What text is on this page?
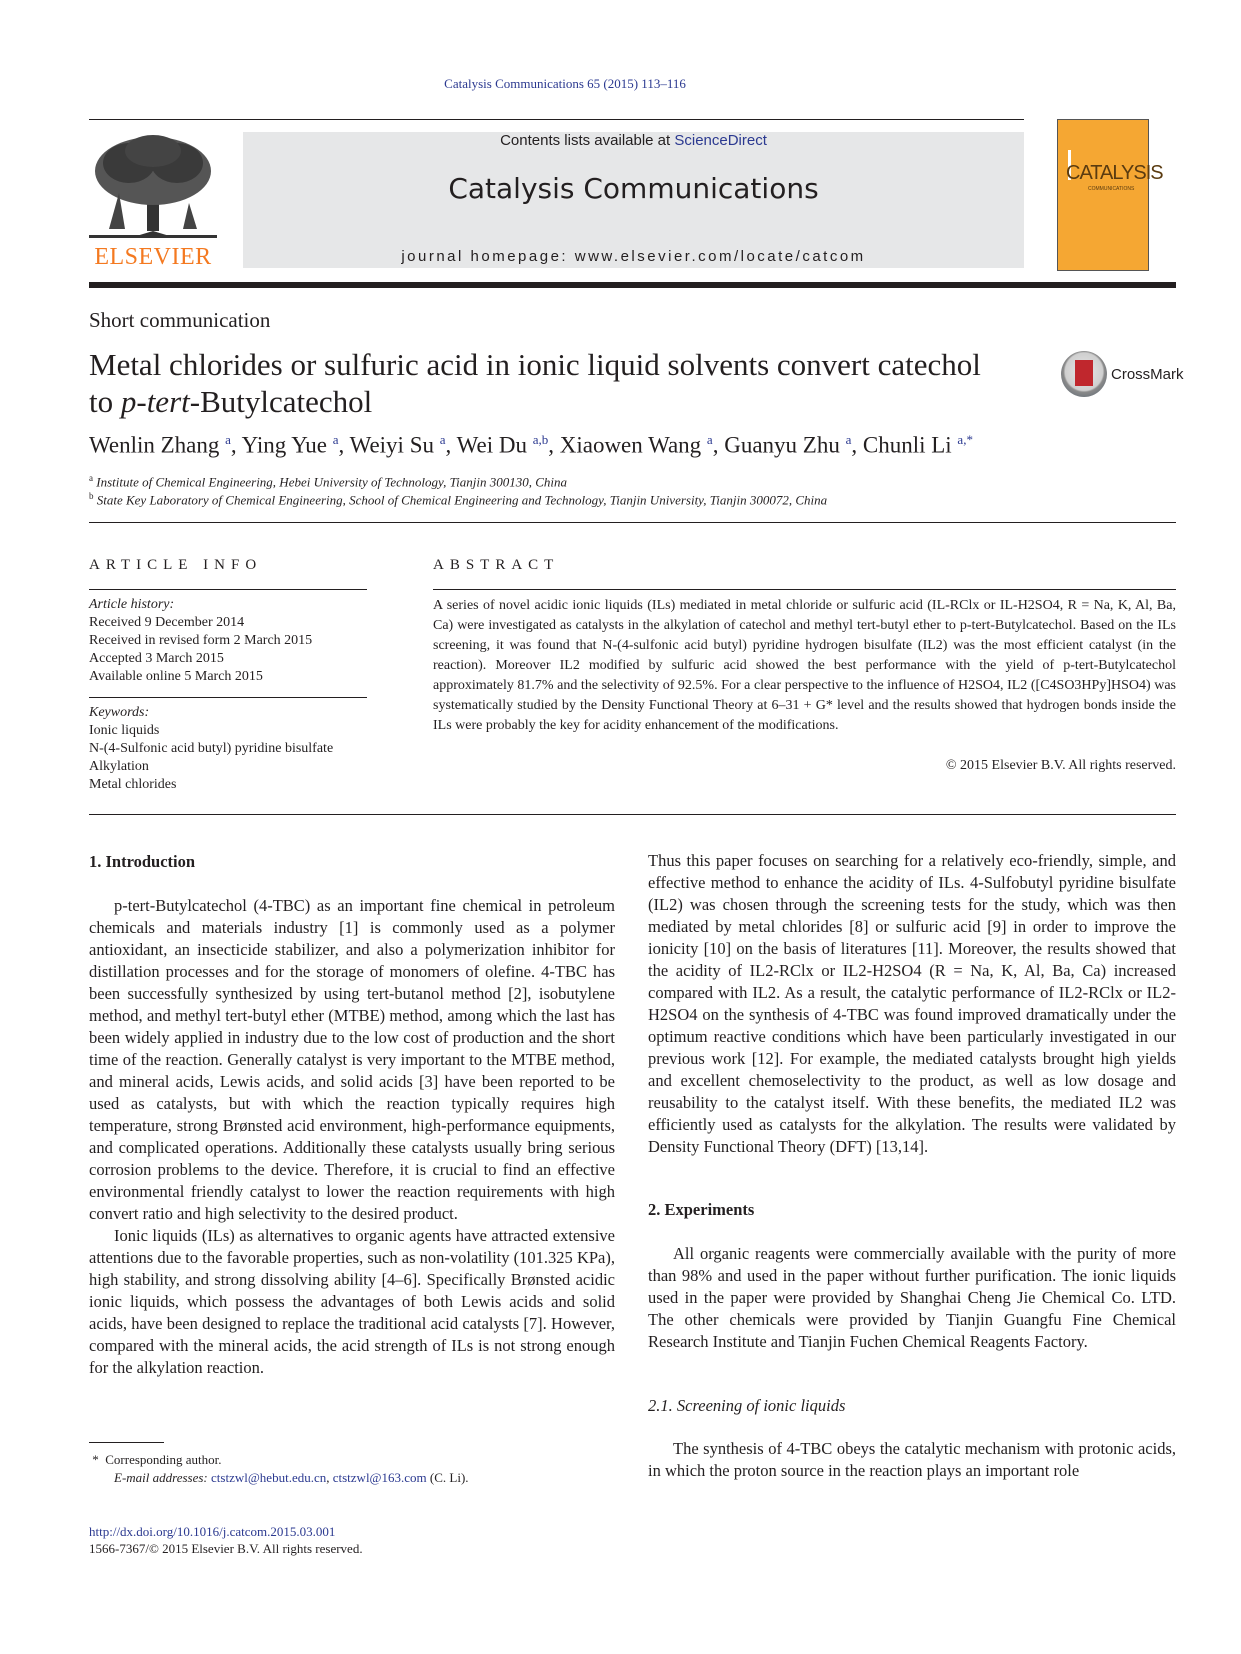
Catalysis Communications 65 (2015) 113–116
ELSEVIER
Contents lists available at ScienceDirect
Catalysis Communications
journal homepage: www.elsevier.com/locate/catcom
CATALYSIS
COMMUNICATIONS
Short communication
Metal chlorides or sulfuric acid in ionic liquid solvents convert catechol
to p-tert-Butylcatechol
CrossMark
Wenlin Zhang $^a$, Ying Yue $^a$, Weiyi Su $^a$, Wei Du $^{a,b}$, Xiaowen Wang $^a$, Guanyu Zhu $^a$, Chunli Li $^{a,*}$
$^a$ Institute of Chemical Engineering, Hebei University of Technology, Tianjin 300130, China
$^b$ State Key Laboratory of Chemical Engineering, School of Chemical Engineering and Technology, Tianjin University, Tianjin 300072, China
ARTICLE INFO
Article history:
Received 9 December 2014
Received in revised form 2 March 2015
Accepted 3 March 2015
Available online 5 March 2015
Keywords:
Ionic liquids
N-(4-Sulfonic acid butyl) pyridine bisulfate
Alkylation
Metal chlorides
ABSTRACT
A series of novel acidic ionic liquids (ILs) mediated in metal chloride or sulfuric acid (IL-RClx or IL-H2SO4, R = Na, K, Al, Ba, Ca) were investigated as catalysts in the alkylation of catechol and methyl tert-butyl ether to p-tert-Butylcatechol. Based on the ILs screening, it was found that N-(4-sulfonic acid butyl) pyridine hydrogen bisulfate (IL2) was the most efficient catalyst (in the reaction). Moreover IL2 modified by sulfuric acid showed the best performance with the yield of p-tert-Butylcatechol approximately 81.7% and the selectivity of 92.5%. For a clear perspective to the influence of H2SO4, IL2 ([C4SO3HPy]HSO4) was systematically studied by the Density Functional Theory at 6–31 + G* level and the results showed that hydrogen bonds inside the ILs were probably the key for acidity enhancement of the modifications.
© 2015 Elsevier B.V. All rights reserved.
1. Introduction

p-tert-Butylcatechol (4-TBC) as an important fine chemical in petroleum chemicals and materials industry [1] is commonly used as a polymer antioxidant, an insecticide stabilizer, and also a polymerization inhibitor for distillation processes and for the storage of monomers of olefine. 4-TBC has been successfully synthesized by using tert-butanol method [2], isobutylene method, and methyl tert-butyl ether (MTBE) method, among which the last has been widely applied in industry due to the low cost of production and the short time of the reaction. Generally catalyst is very important to the MTBE method, and mineral acids, Lewis acids, and solid acids [3] have been reported to be used as catalysts, but with which the reaction typically requires high temperature, strong Brønsted acid environment, high-performance equipments, and complicated operations. Additionally these catalysts usually bring serious corrosion problems to the device. Therefore, it is crucial to find an effective environmental friendly catalyst to lower the reaction requirements with high convert ratio and high selectivity to the desired product.

Ionic liquids (ILs) as alternatives to organic agents have attracted extensive attentions due to the favorable properties, such as non-volatility (101.325 KPa), high stability, and strong dissolving ability [4–6]. Specifically Brønsted acidic ionic liquids, which possess the advantages of both Lewis acids and solid acids, have been designed to replace the traditional acid catalysts [7]. However, compared with the mineral acids, the acid strength of ILs is not strong enough for the alkylation reaction.

Thus this paper focuses on searching for a relatively eco-friendly, simple, and effective method to enhance the acidity of ILs. 4-Sulfobutyl pyridine bisulfate (IL2) was chosen through the screening tests for the study, which was then mediated by metal chlorides [8] or sulfuric acid [9] in order to improve the ionicity [10] on the basis of literatures [11]. Moreover, the results showed that the acidity of IL2-RClx or IL2-H2SO4 (R = Na, K, Al, Ba, Ca) increased compared with IL2. As a result, the catalytic performance of IL2-RClx or IL2-H2SO4 on the synthesis of 4-TBC was found improved dramatically under the optimum reactive conditions which have been particularly investigated in our previous work [12]. For example, the mediated catalysts brought high yields and excellent chemoselectivity to the product, as well as low dosage and reusability to the catalyst itself. With these benefits, the mediated IL2 was efficiently used as catalysts for the alkylation. The results were validated by Density Functional Theory (DFT) [13,14].

2. Experiments

All organic reagents were commercially available with the purity of more than 98% and used in the paper without further purification. The ionic liquids used in the paper were provided by Shanghai Cheng Jie Chemical Co. LTD. The other chemicals were provided by Tianjin Guangfu Fine Chemical Research Institute and Tianjin Fuchen Chemical Reagents Factory.

2.1. Screening of ionic liquids

The synthesis of 4-TBC obeys the catalytic mechanism with protonic acids, in which the proton source in the reaction plays an important role

*  Corresponding author.
E-mail addresses: ctstzwl@hebut.edu.cn, ctstzwl@163.com (C. Li).
http://dx.doi.org/10.1016/j.catcom.2015.03.001
1566-7367/© 2015 Elsevier B.V. All rights reserved.
